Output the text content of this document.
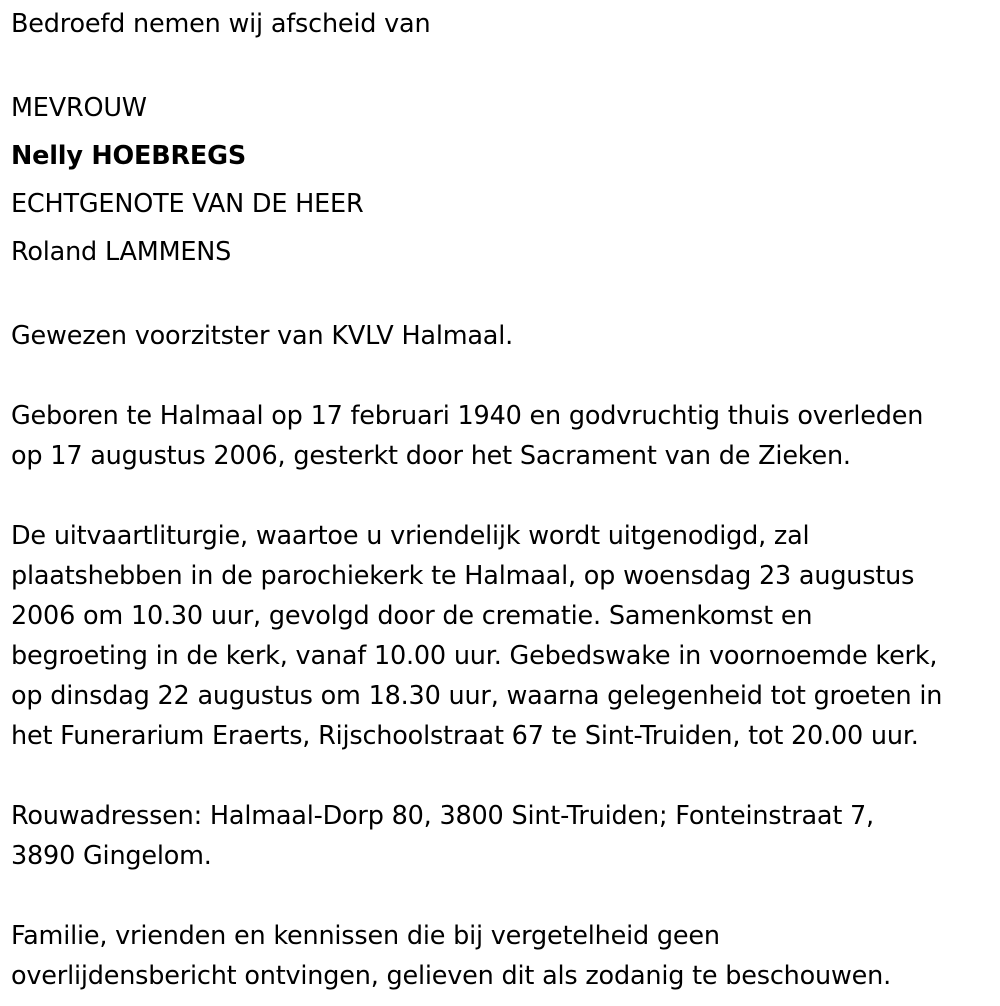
Bedroefd nemen wij afscheid van
MEVROUW
Nelly HOEBREGS
ECHTGENOTE VAN DE HEER
Roland LAMMENS
Gewezen voorzitster van KVLV Halmaal.
Geboren te Halmaal op 17 februari 1940 en godvruchtig thuis overleden
op 17 augustus 2006, gesterkt door het Sacrament van de Zieken.
De uitvaartliturgie, waartoe u vriendelijk wordt uitgenodigd, zal
plaatshebben in de parochiekerk te Halmaal, op woensdag 23 augustus
2006 om 10.30 uur, gevolgd door de crematie. Samenkomst en
begroeting in de kerk, vanaf 10.00 uur. Gebedswake in voornoemde kerk,
op dinsdag 22 augustus om 18.30 uur, waarna gelegenheid tot groeten in
het Funerarium Eraerts, Rijschoolstraat 67 te Sint-Truiden, tot 20.00 uur.
Rouwadressen: Halmaal-Dorp 80, 3800 Sint-Truiden; Fonteinstraat 7,
3890 Gingelom.
Familie, vrienden en kennissen die bij vergetelheid geen
overlijdensbericht ontvingen, gelieven dit als zodanig te beschouwen.
